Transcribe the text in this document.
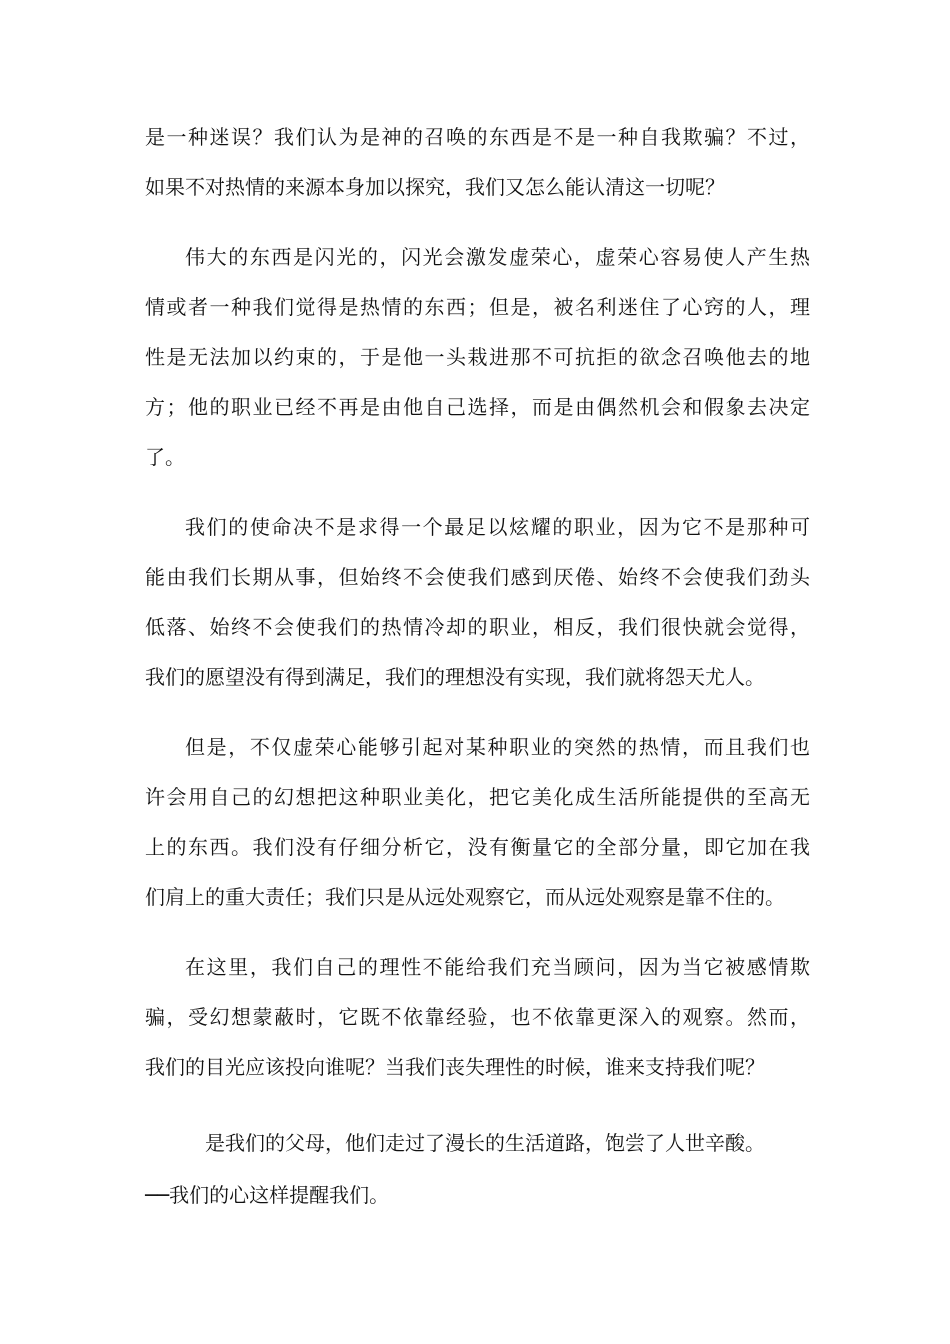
是一种迷误？我们认为是神的召唤的东西是不是一种自我欺骗？不过，
如果不对热情的来源本身加以探究，我们又怎么能认清这一切呢？
伟大的东西是闪光的，闪光会激发虚荣心，虚荣心容易使人产生热
情或者一种我们觉得是热情的东西；但是，被名利迷住了心窍的人，理
性是无法加以约束的，于是他一头栽进那不可抗拒的欲念召唤他去的地
方；他的职业已经不再是由他自己选择，而是由偶然机会和假象去决定
了。
我们的使命决不是求得一个最足以炫耀的职业，因为它不是那种可
能由我们长期从事，但始终不会使我们感到厌倦、始终不会使我们劲头
低落、始终不会使我们的热情冷却的职业，相反，我们很快就会觉得，
我们的愿望没有得到满足，我们的理想没有实现，我们就将怨天尤人。
但是，不仅虚荣心能够引起对某种职业的突然的热情，而且我们也
许会用自己的幻想把这种职业美化，把它美化成生活所能提供的至高无
上的东西。我们没有仔细分析它，没有衡量它的全部分量，即它加在我
们肩上的重大责任；我们只是从远处观察它，而从远处观察是靠不住的。
在这里，我们自己的理性不能给我们充当顾问，因为当它被感情欺
骗，受幻想蒙蔽时，它既不依靠经验，也不依靠更深入的观察。然而，
我们的目光应该投向谁呢？当我们丧失理性的时候，谁来支持我们呢？
是我们的父母，他们走过了漫长的生活道路，饱尝了人世辛酸。
──我们的心这样提醒我们。
